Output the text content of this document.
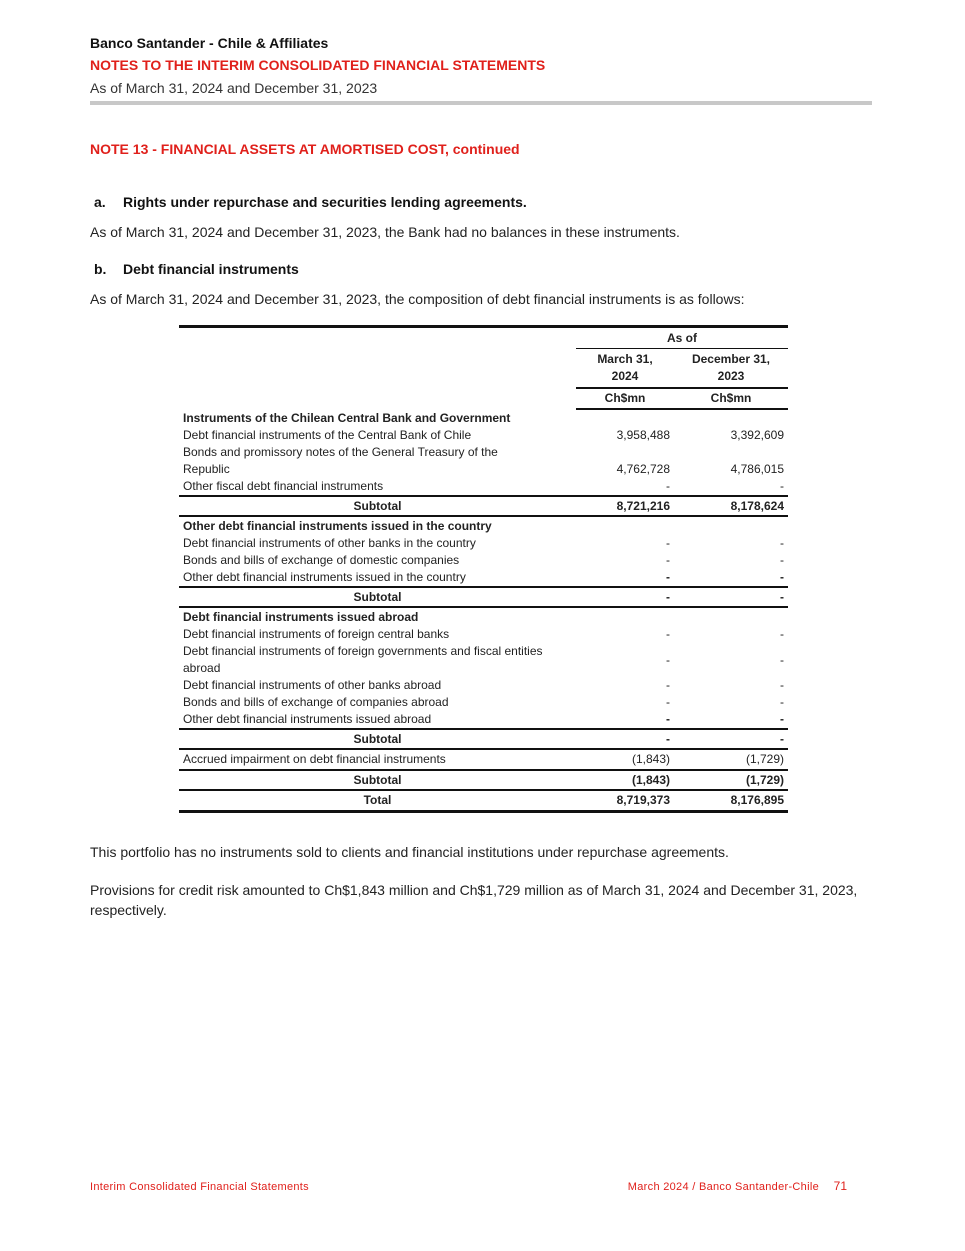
Banco Santander - Chile & Affiliates
NOTES TO THE INTERIM CONSOLIDATED FINANCIAL STATEMENTS
As of March 31, 2024 and December 31, 2023
NOTE 13 - FINANCIAL ASSETS AT AMORTISED COST, continued
a. Rights under repurchase and securities lending agreements.
As of March 31, 2024 and December 31, 2023, the Bank had no balances in these instruments.
b. Debt financial instruments
As of March 31, 2024 and December 31, 2023, the composition of debt financial instruments is as follows:
	As of	
	March 31, 2024	December 31, 2023
	Ch$mn	Ch$mn
Instruments of the Chilean Central Bank and Government		
Debt financial instruments of the Central Bank of Chile	3,958,488	3,392,609
Bonds and promissory notes of the General Treasury of the Republic	4,762,728	4,786,015
Other fiscal debt financial instruments	-	-
Subtotal	8,721,216	8,178,624
Other debt financial instruments issued in the country		
Debt financial instruments of other banks in the country	-	-
Bonds and bills of exchange of domestic companies	-	-
Other debt financial instruments issued in the country	-	-
Subtotal	-	-
Debt financial instruments issued abroad		
Debt financial instruments of foreign central banks	-	-
Debt financial instruments of foreign governments and fiscal entities abroad	-	-
Debt financial instruments of other banks abroad	-	-
Bonds and bills of exchange of companies abroad	-	-
Other debt financial instruments issued abroad	-	-
Subtotal	-	-
Accrued impairment on debt financial instruments	(1,843)	(1,729)
Subtotal	(1,843)	(1,729)
Total	8,719,373	8,176,895
This portfolio has no instruments sold to clients and financial institutions under repurchase agreements.
Provisions for credit risk amounted to Ch$1,843 million and Ch$1,729 million as of March 31, 2024 and December 31, 2023, respectively.
Interim Consolidated Financial Statements	March 2024 / Banco Santander-Chile 71
